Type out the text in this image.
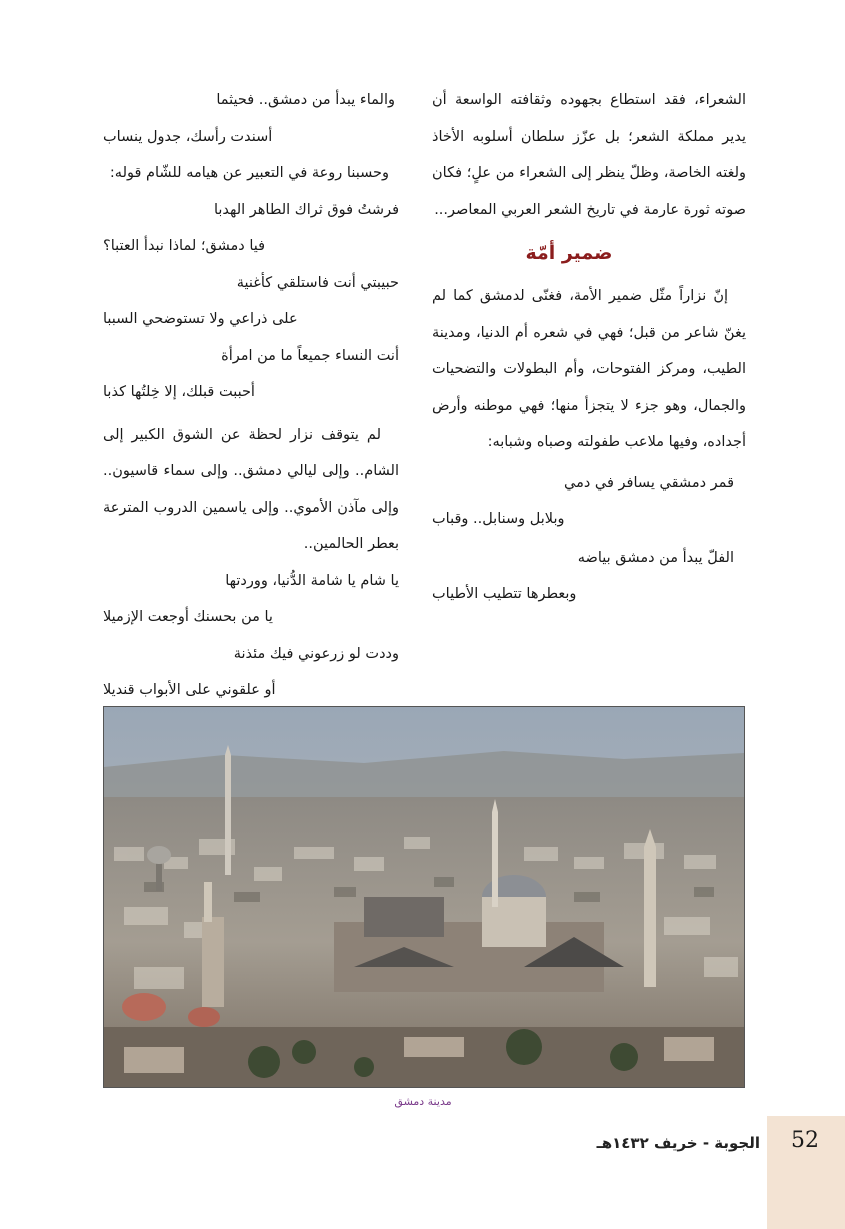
الشعراء، فقد استطاع بجهوده وثقافته الواسعة أن يدير مملكة الشعر؛ بل عزّز سلطان أسلوبه الأخاذ ولغته الخاصة، وظلّ ينظر إلى الشعراء من علٍ؛ فكان صوته ثورة عارمة في تاريخ الشعر العربي المعاصر...

ضمير أمّة

إنّ نزاراً مثّل ضمير الأمة، فغنّى لدمشق كما لم يغنّ شاعر من قبل؛ فهي في شعره أم الدنيا، ومدينة الطيب، ومركز الفتوحات، وأم البطولات والتضحيات والجمال، وهو جزء لا يتجزأ منها؛ فهي موطنه وأرض أجداده، وفيها ملاعب طفولته وصباه وشبابه:

قمر دمشقي يسافر في دمي

وبلابل وسنابل.. وقباب

الفلّ يبدأ من دمشق بياضه

وبعطرها تتطيب الأطياب

والماء يبدأ من دمشق.. فحيثما

أسندت رأسك، جدول ينساب

وحسبنا روعة في التعبير عن هيامه للشّام قوله:

فرشتُ فوق ثراك الطاهر الهدبا

فيا دمشق؛ لماذا نبدأ العتبا؟

حبيبتي أنت فاستلقي كأغنية

على ذراعي ولا تستوضحي السببا

أنت النساء جميعاً ما من امرأة

أحببت قبلك، إلا خِلتُها كذبا

لم يتوقف نزار لحظة عن الشوق الكبير إلى الشام.. وإلى ليالي دمشق.. وإلى سماء قاسيون.. وإلى مآذن الأموي.. وإلى ياسمين الدروب المترعة بعطر الحالمين..

يا شام يا شامة الدُّنيا، ووردتها

يا من بحسنك أوجعت الإزميلا

وددت لو زرعوني فيك مئذنة

أو علقوني على الأبواب قنديلا

مدينة دمشق
52
الجوبة - خريف ١٤٣٢هـ
